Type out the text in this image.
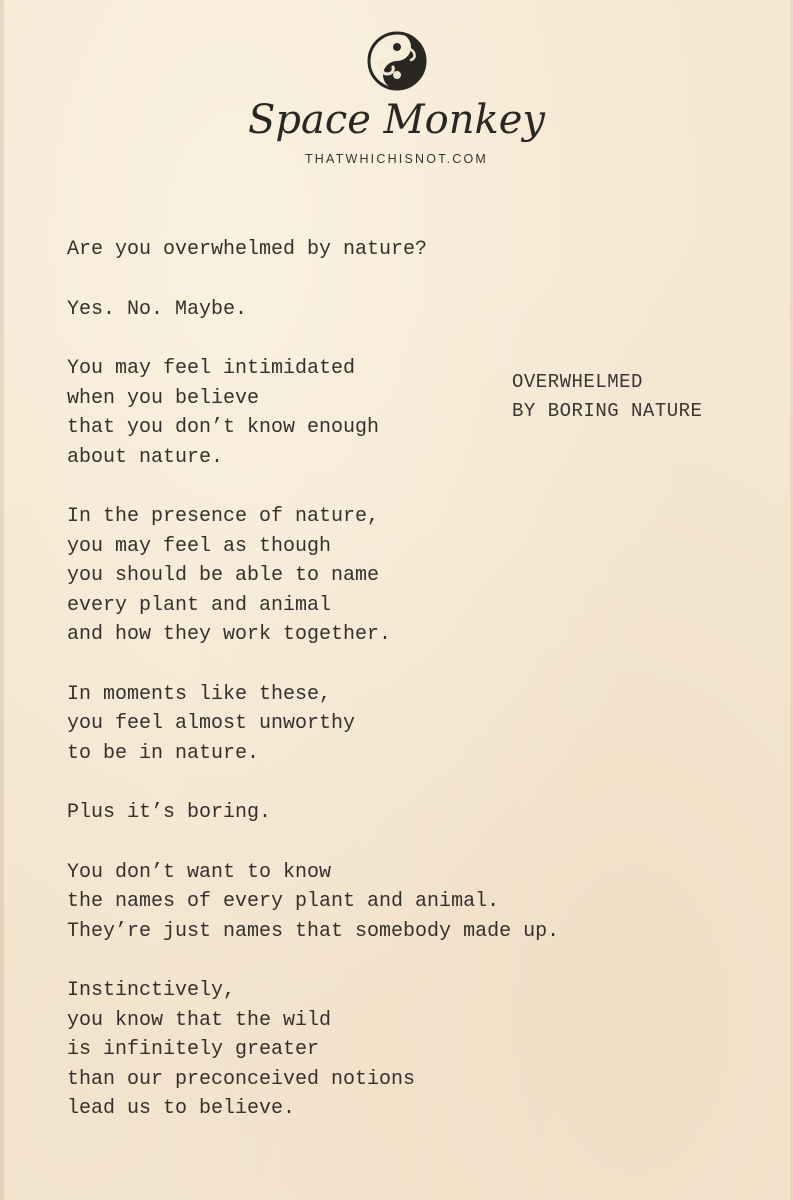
Space Monkey
THATWHICHISNOT.COM
OVERWHELMED
BY BORING NATURE
Are you overwhelmed by nature?
Yes. No. Maybe.
You may feel intimidated
when you believe
that you don’t know enough
about nature.
In the presence of nature,
you may feel as though
you should be able to name
every plant and animal
and how they work together.
In moments like these,
you feel almost unworthy
to be in nature.
Plus it’s boring.
You don’t want to know
the names of every plant and animal.
They’re just names that somebody made up.
Instinctively,
you know that the wild
is infinitely greater
than our preconceived notions
lead us to believe.
